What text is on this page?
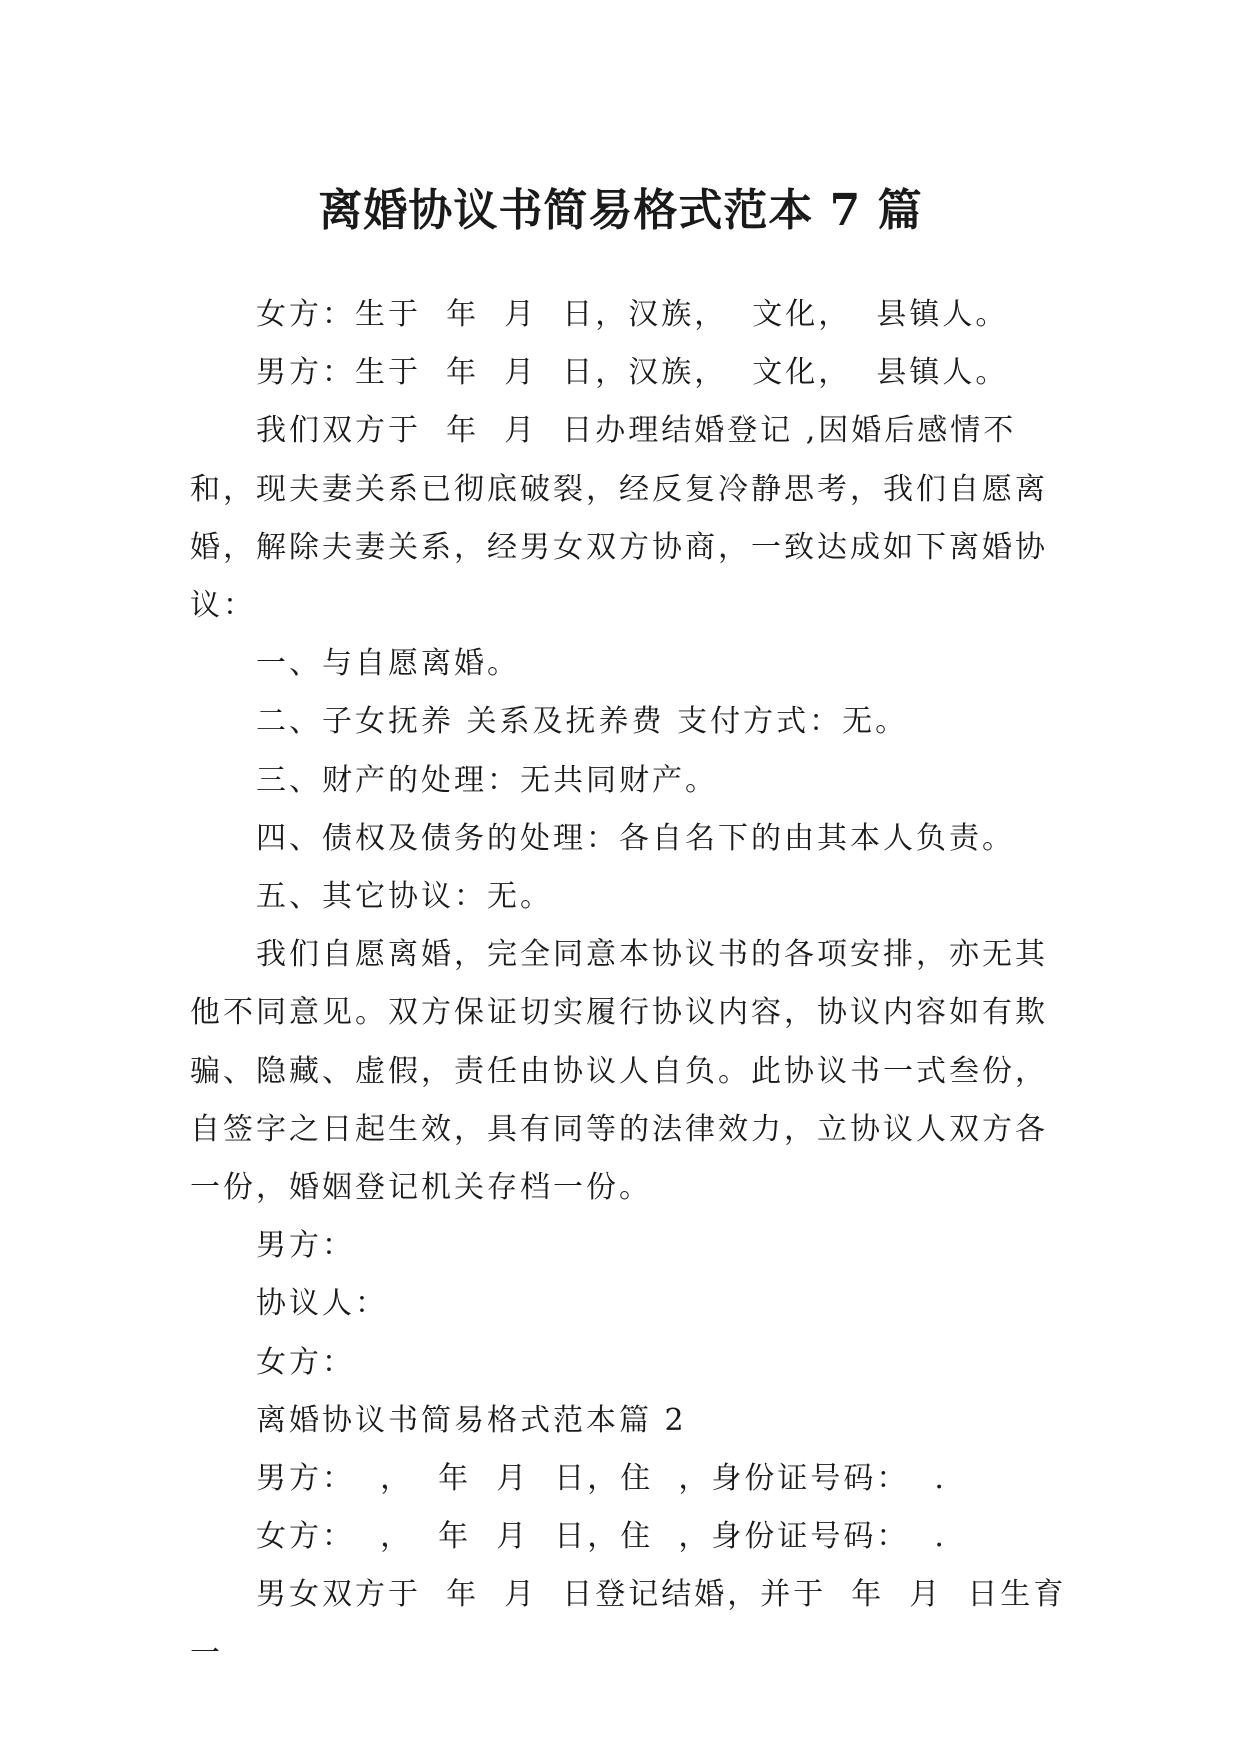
离婚协议书简易格式范本 7 篇

女方：生于  年  月  日，汉族，  文化，  县镇人。

男方：生于  年  月  日，汉族，  文化，  县镇人。

我们双方于  年  月  日办理结婚登记 ,因婚后感情不和，现夫妻关系已彻底破裂，经反复冷静思考，我们自愿离婚，解除夫妻关系，经男女双方协商，一致达成如下离婚协议：

一、与自愿离婚。

二、子女抚养 关系及抚养费 支付方式：无。

三、财产的处理：无共同财产。

四、债权及债务的处理：各自名下的由其本人负责。

五、其它协议：无。

我们自愿离婚，完全同意本协议书的各项安排，亦无其他不同意见。双方保证切实履行协议内容，协议内容如有欺骗、隐藏、虚假，责任由协议人自负。此协议书一式叁份，自签字之日起生效，具有同等的法律效力，立协议人双方各一份，婚姻登记机关存档一份。

男方：

协议人：

女方：

离婚协议书简易格式范本篇 2

男方：  ，  年  月  日，住  ，身份证号码：  .

女方：  ，  年  月  日，住  ，身份证号码：  .

男女双方于  年  月  日登记结婚，并于  年  月  日生育一
